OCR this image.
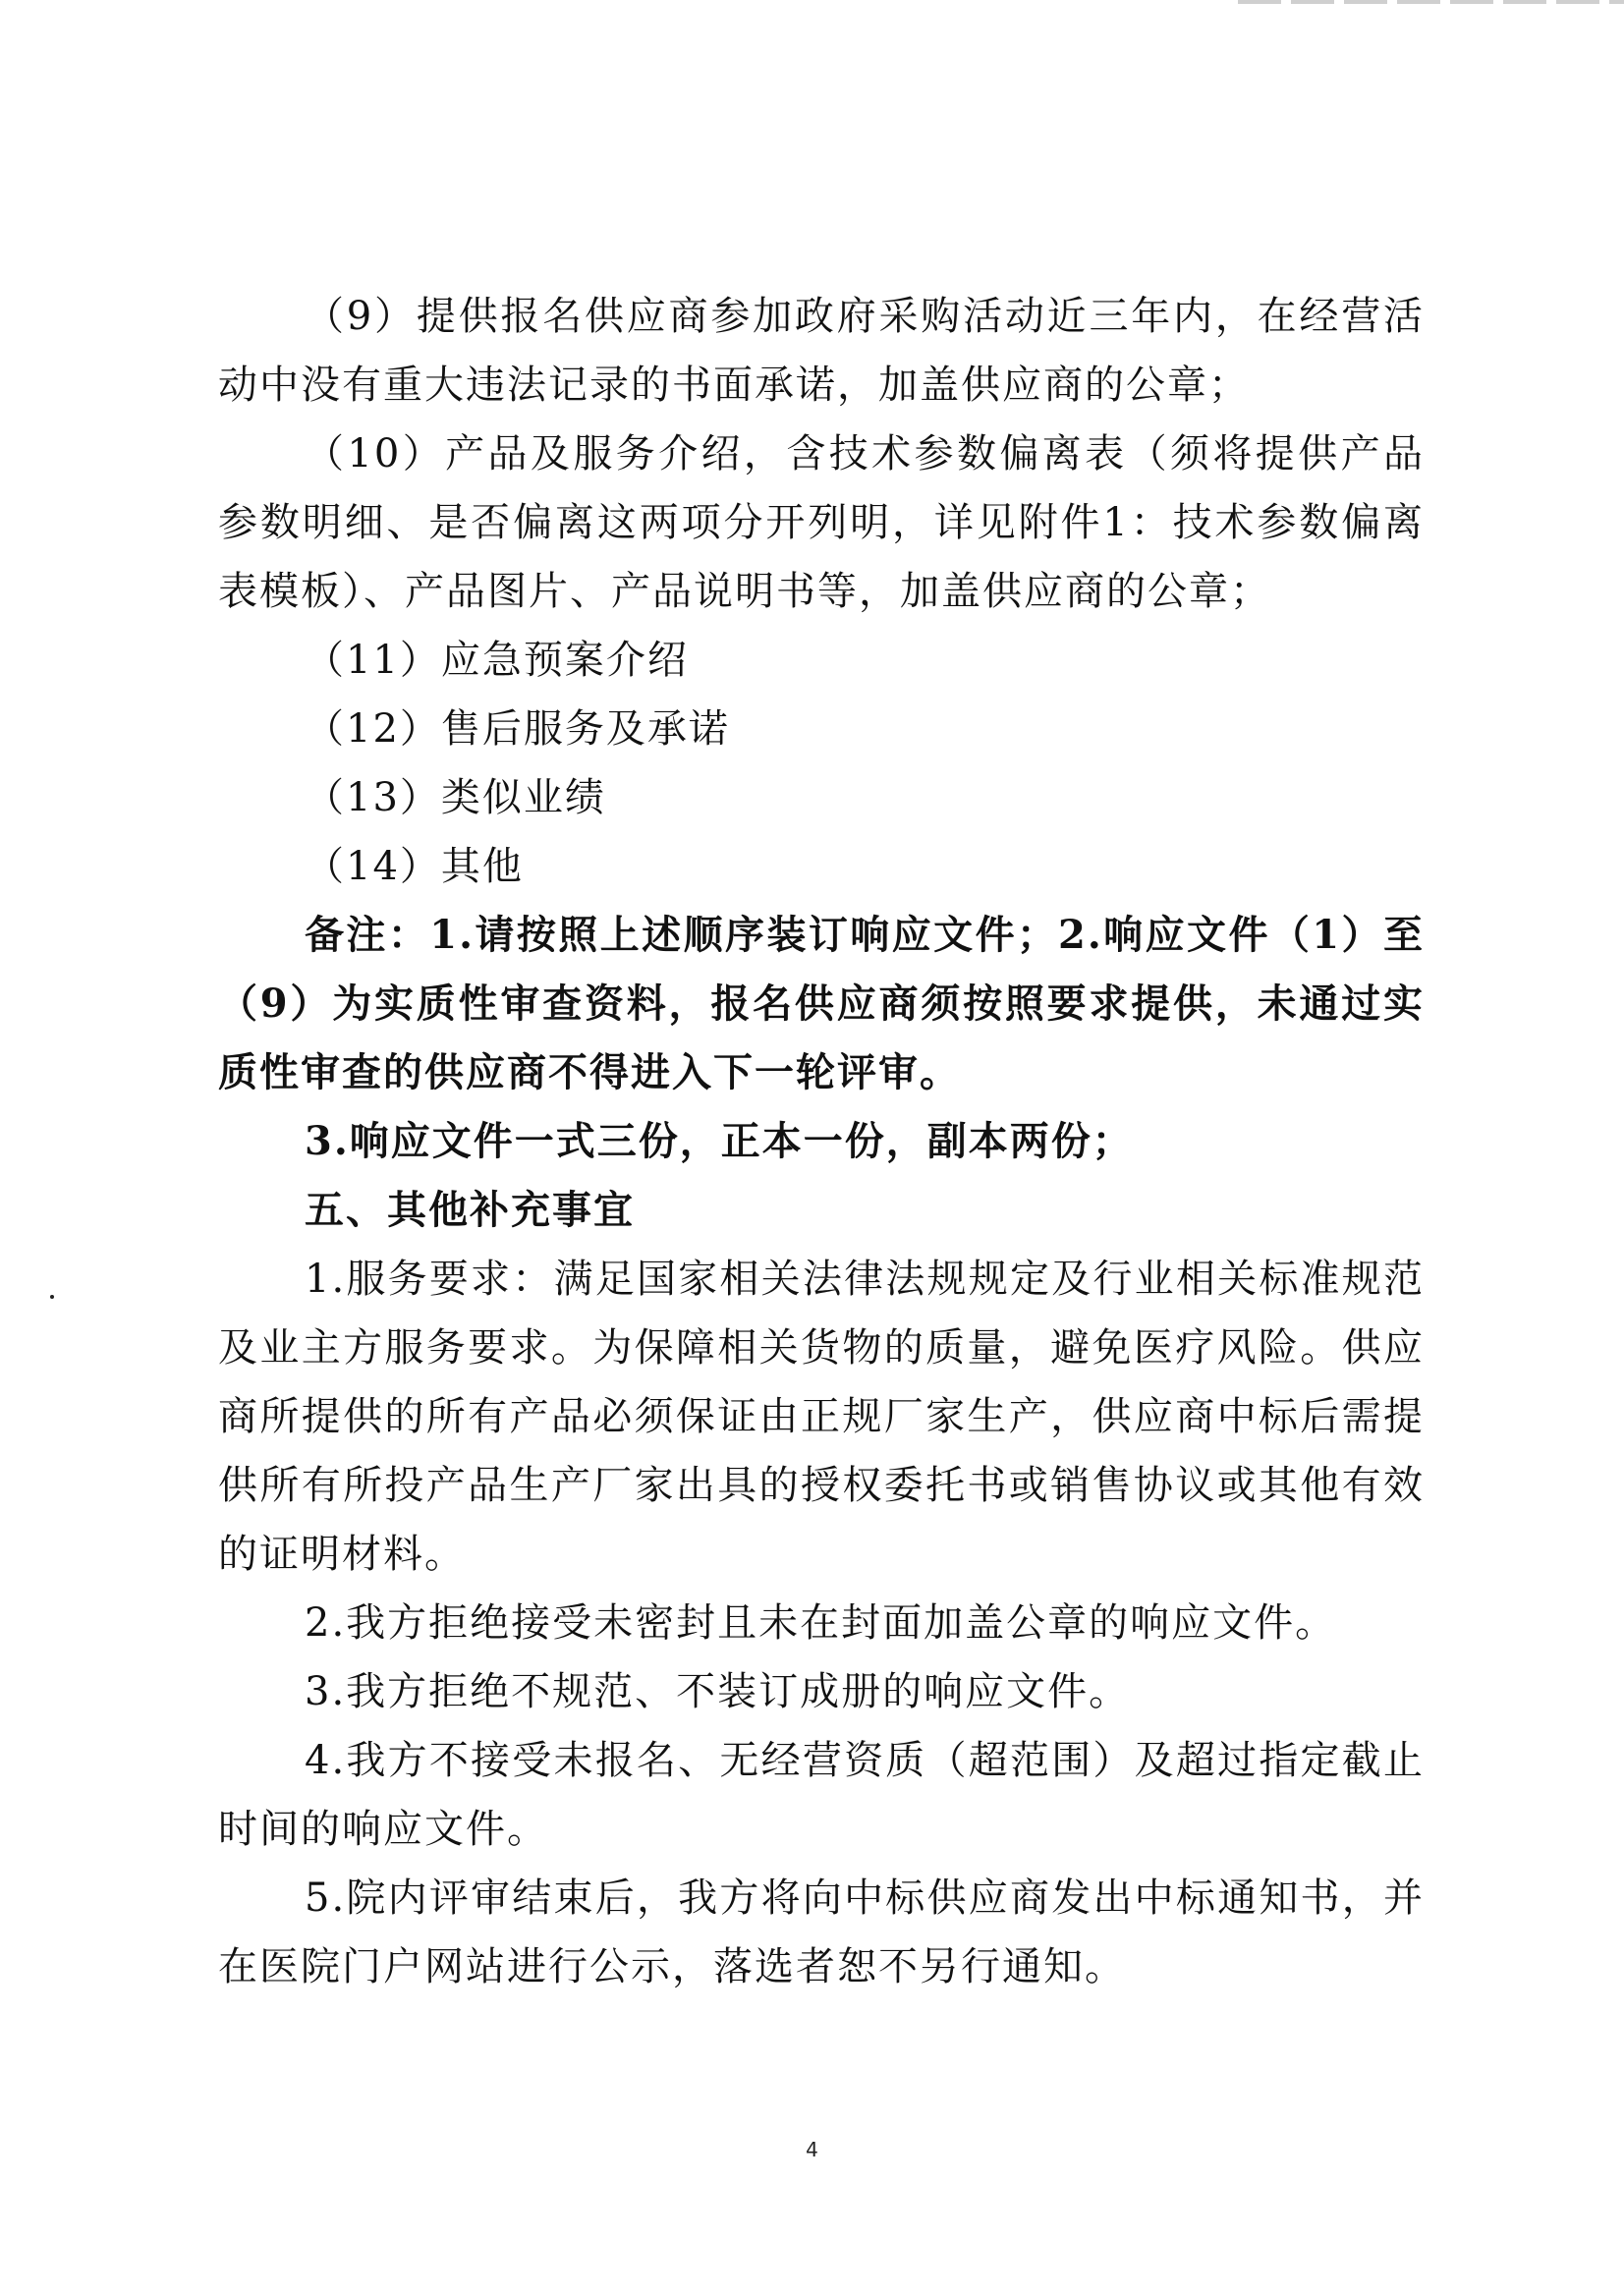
（9）提供报名供应商参加政府采购活动近三年内，在经营活动中没有重大违法记录的书面承诺，加盖供应商的公章；

（10）产品及服务介绍，含技术参数偏离表（须将提供产品参数明细、是否偏离这两项分开列明，详见附件1：技术参数偏离表模板）、产品图片、产品说明书等，加盖供应商的公章；

（11）应急预案介绍

（12）售后服务及承诺

（13）类似业绩

（14）其他

备注：1.请按照上述顺序装订响应文件；2.响应文件（1）至（9）为实质性审查资料，报名供应商须按照要求提供，未通过实质性审查的供应商不得进入下一轮评审。

3.响应文件一式三份，正本一份，副本两份；

五、其他补充事宜

1.服务要求：满足国家相关法律法规规定及行业相关标准规范及业主方服务要求。为保障相关货物的质量，避免医疗风险。供应商所提供的所有产品必须保证由正规厂家生产，供应商中标后需提供所有所投产品生产厂家出具的授权委托书或销售协议或其他有效的证明材料。

2.我方拒绝接受未密封且未在封面加盖公章的响应文件。

3.我方拒绝不规范、不装订成册的响应文件。

4.我方不接受未报名、无经营资质（超范围）及超过指定截止时间的响应文件。

5.院内评审结束后，我方将向中标供应商发出中标通知书，并在医院门户网站进行公示，落选者恕不另行通知。

4
